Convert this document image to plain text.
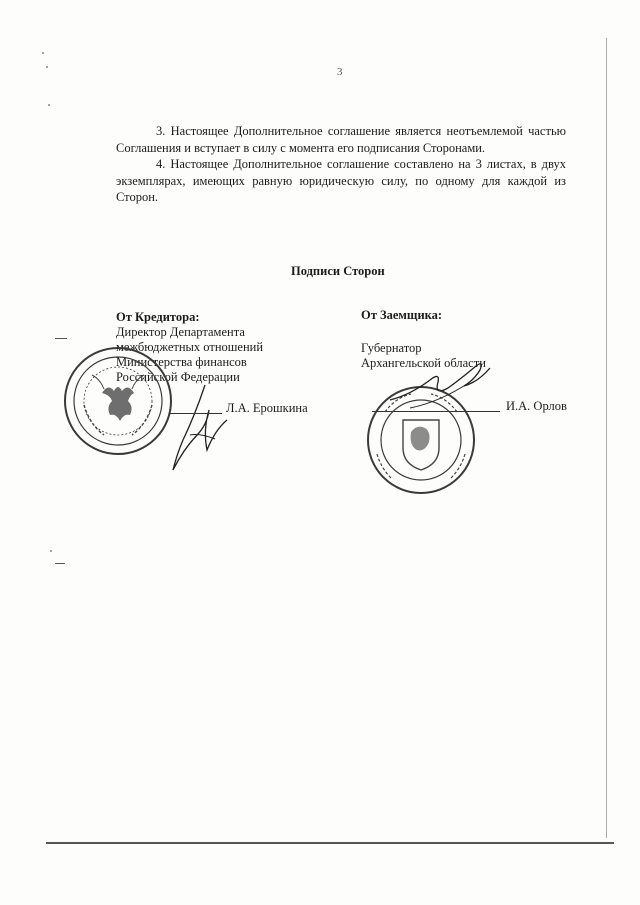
3

3. Настоящее Дополнительное соглашение является неотъемлемой частью Соглашения и вступает в силу с момента его подписания Сторонами.

4. Настоящее Дополнительное соглашение составлено на 3 листах, в двух экземплярах, имеющих равную юридическую силу, по одному для каждой из Сторон.

Подписи Сторон
От Кредитора:
Директор Департамента
межбюджетных отношений
Министерства финансов
Российской Федерации
Л.А. Ерошкина
От Заемщика:
Губернатор
Архангельской области
И.А. Орлов
